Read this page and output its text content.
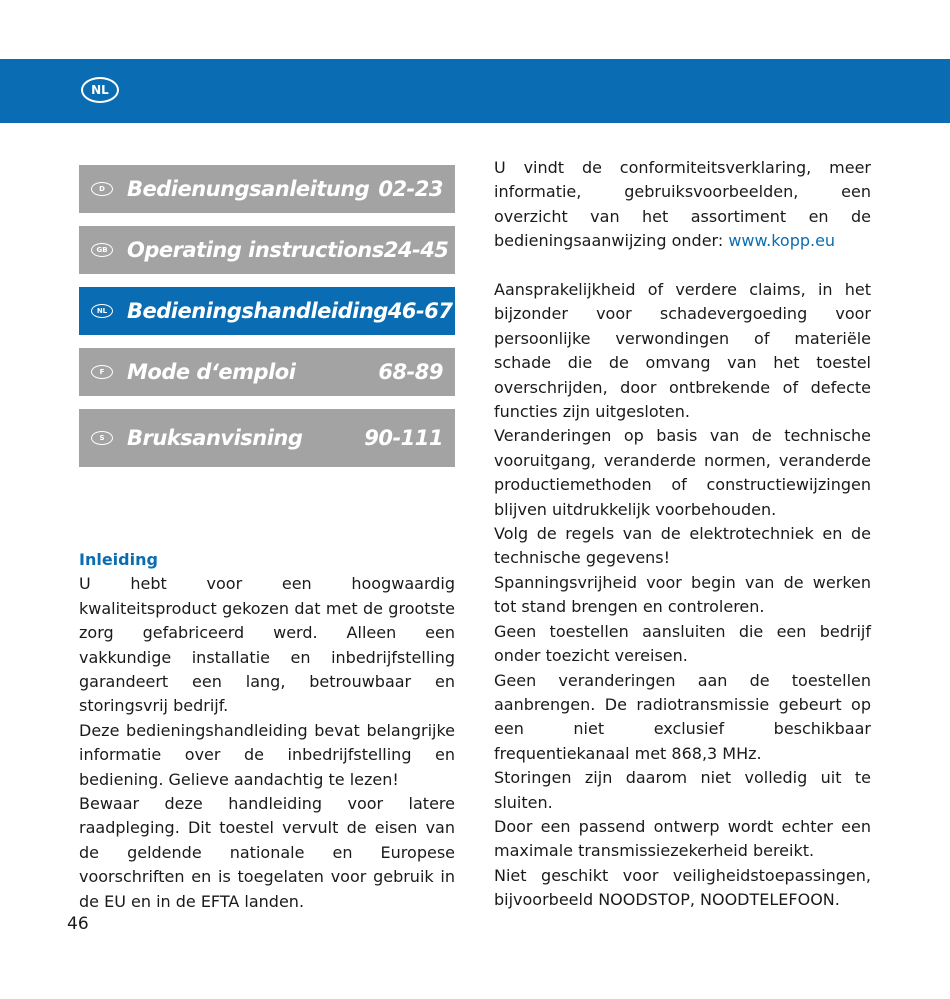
NL
D	Bedienungsanleitung 02-23
GB Operating instructions 24-45
NL Bedieningshandleiding 46-67
F	Mode d‘emploi	68-89
S	Bruksanvisning	90-111
Inleiding

U hebt voor een hoogwaardig kwaliteitsproduct gekozen dat met de grootste zorg gefabriceerd werd. Alleen een vakkundige installatie en inbedrijfstelling garandeert een lang, betrouwbaar en storingsvrij bedrijf.

Deze bedieningshandleiding bevat belangrijke informatie over de inbedrijfstelling en bediening. Gelieve aandachtig te lezen!

Bewaar deze handleiding voor latere raadpleging. Dit toestel vervult de eisen van de geldende nationale en Europese voorschriften en is toegelaten voor gebruik in de EU en in de EFTA landen.

U vindt de conformiteitsverklaring, meer informatie, gebruiksvoorbeelden, een overzicht van het assortiment en de bedieningsaanwijzing onder: www.kopp.eu

Aansprakelijkheid of verdere claims, in het bijzonder voor schadevergoeding voor persoonlijke verwondingen of materiële schade die de omvang van het toestel overschrijden, door ontbrekende of defecte functies zijn uitgesloten.

Veranderingen op basis van de technische vooruitgang, veranderde normen, veranderde productiemethoden of constructiewijzingen blijven uitdrukkelijk voorbehouden.

Volg de regels van de elektrotechniek en de technische gegevens!

Spanningsvrijheid voor begin van de werken tot stand brengen en controleren.

Geen toestellen aansluiten die een bedrijf onder toezicht vereisen.

Geen veranderingen aan de toestellen aanbrengen. De radiotransmissie gebeurt op een niet exclusief beschikbaar frequentiekanaal met 868,3 MHz.

Storingen zijn daarom niet volledig uit te sluiten.

Door een passend ontwerp wordt echter een maximale transmissiezekerheid bereikt.

Niet geschikt voor veiligheidstoepassingen, bijvoorbeeld NOODSTOP, NOODTELEFOON.

46
